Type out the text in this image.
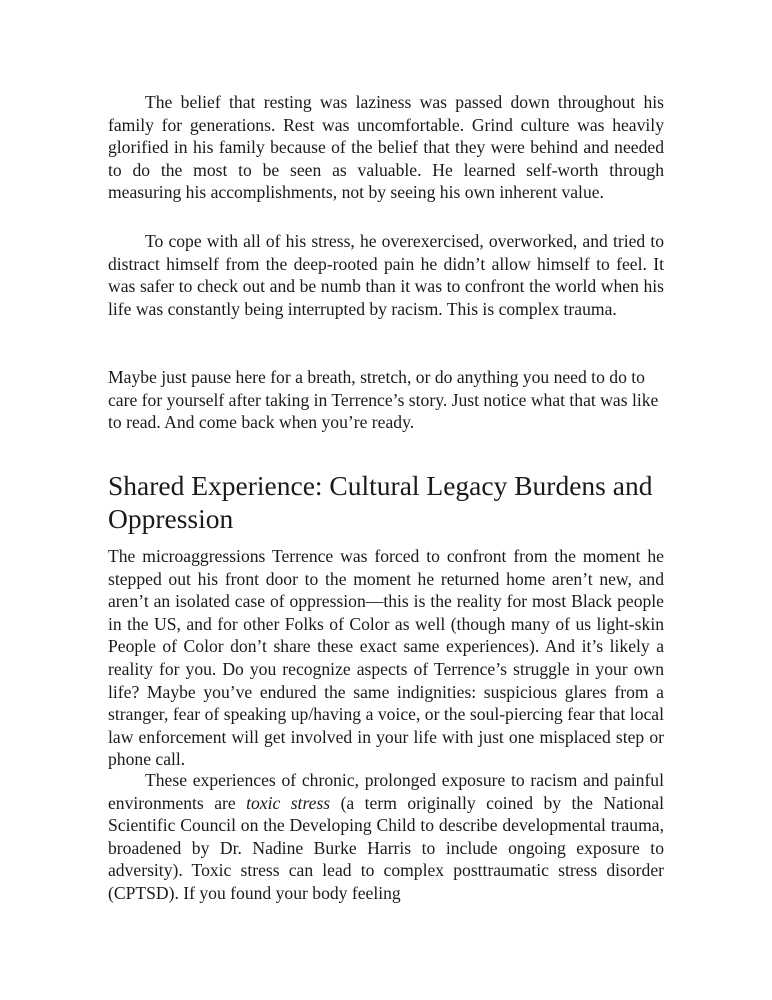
The belief that resting was laziness was passed down throughout his family for generations. Rest was uncomfortable. Grind culture was heavily glorified in his family because of the belief that they were behind and needed to do the most to be seen as valuable. He learned self-worth through measuring his accomplishments, not by seeing his own inherent value.

To cope with all of his stress, he overexercised, overworked, and tried to distract himself from the deep-rooted pain he didn’t allow himself to feel. It was safer to check out and be numb than it was to confront the world when his life was constantly being interrupted by racism. This is complex trauma.

Maybe just pause here for a breath, stretch, or do anything you need to do to care for yourself after taking in Terrence’s story. Just notice what that was like to read. And come back when you’re ready.

Shared Experience: Cultural Legacy Burdens and Oppression

The microaggressions Terrence was forced to confront from the moment he stepped out his front door to the moment he returned home aren’t new, and aren’t an isolated case of oppression—this is the reality for most Black people in the US, and for other Folks of Color as well (though many of us light-skin People of Color don’t share these exact same experiences). And it’s likely a reality for you. Do you recognize aspects of Terrence’s struggle in your own life? Maybe you’ve endured the same indignities: suspicious glares from a stranger, fear of speaking up/having a voice, or the soul-piercing fear that local law enforcement will get involved in your life with just one misplaced step or phone call.

These experiences of chronic, prolonged exposure to racism and painful environments are toxic stress (a term originally coined by the National Scientific Council on the Developing Child to describe developmental trauma, broadened by Dr. Nadine Burke Harris to include ongoing exposure to adversity). Toxic stress can lead to complex posttraumatic stress disorder (CPTSD). If you found your body feeling
